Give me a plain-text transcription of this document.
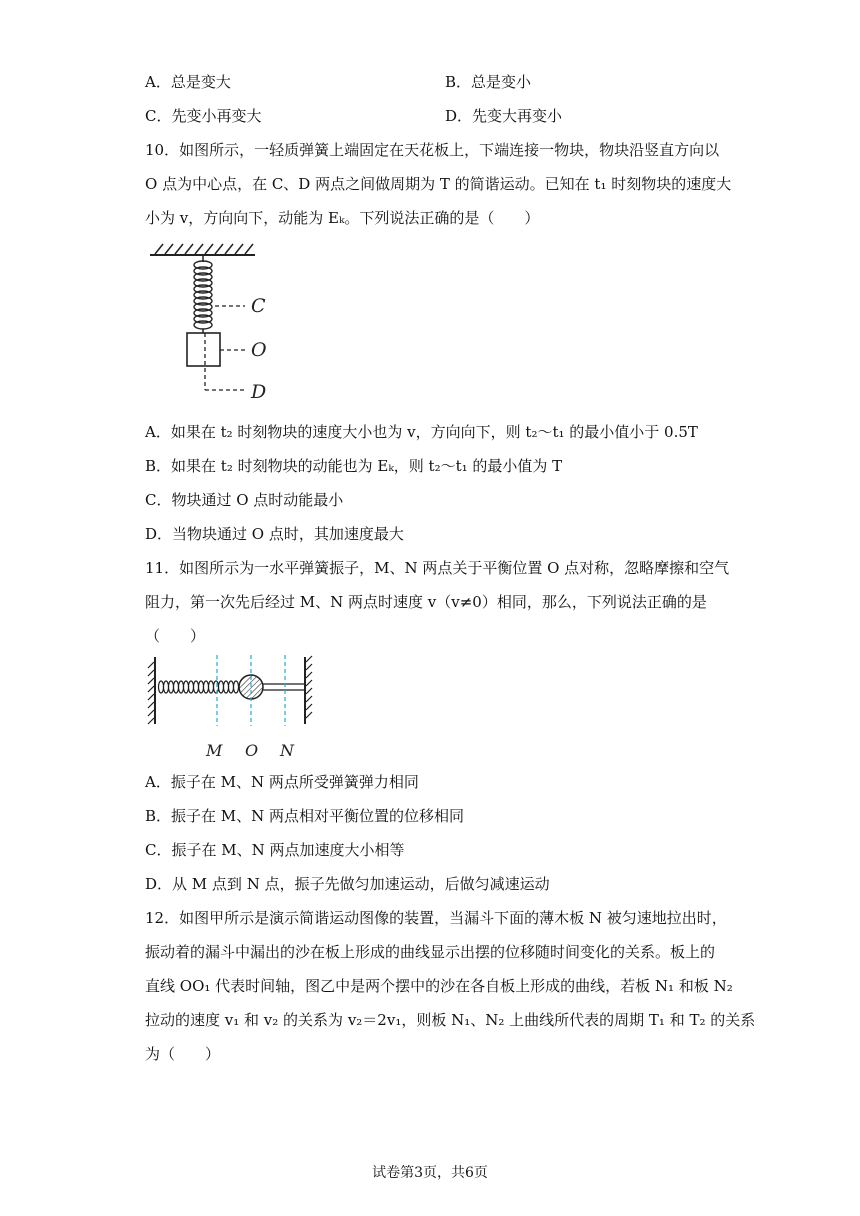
A．总是变大	B．总是变小
C．先变小再变大	D．先变大再变小
10．如图所示，一轻质弹簧上端固定在天花板上，下端连接一物块，物块沿竖直方向以
O 点为中心点，在 C、D 两点之间做周期为 T 的简谐运动。已知在 t₁ 时刻物块的速度大
小为 v，方向向下，动能为 Eₖ。下列说法正确的是（　　）
C
O
D
A．如果在 t₂ 时刻物块的速度大小也为 v，方向向下，则 t₂～t₁ 的最小值小于 0.5T
B．如果在 t₂ 时刻物块的动能也为 Eₖ，则 t₂～t₁ 的最小值为 T
C．物块通过 O 点时动能最小
D．当物块通过 O 点时，其加速度最大
11．如图所示为一水平弹簧振子，M、N 两点关于平衡位置 O 点对称，忽略摩擦和空气
阻力，第一次先后经过 M、N 两点时速度 v（v≠0）相同，那么，下列说法正确的是
（　　）
M O N
A．振子在 M、N 两点所受弹簧弹力相同
B．振子在 M、N 两点相对平衡位置的位移相同
C．振子在 M、N 两点加速度大小相等
D．从 M 点到 N 点，振子先做匀加速运动，后做匀减速运动
12．如图甲所示是演示简谐运动图像的装置，当漏斗下面的薄木板 N 被匀速地拉出时，
振动着的漏斗中漏出的沙在板上形成的曲线显示出摆的位移随时间变化的关系。板上的
直线 OO₁ 代表时间轴，图乙中是两个摆中的沙在各自板上形成的曲线，若板 N₁ 和板 N₂
拉动的速度 v₁ 和 v₂ 的关系为 v₂＝2v₁，则板 N₁、N₂ 上曲线所代表的周期 T₁ 和 T₂ 的关系
为（　　）
试卷第3页，共6页
